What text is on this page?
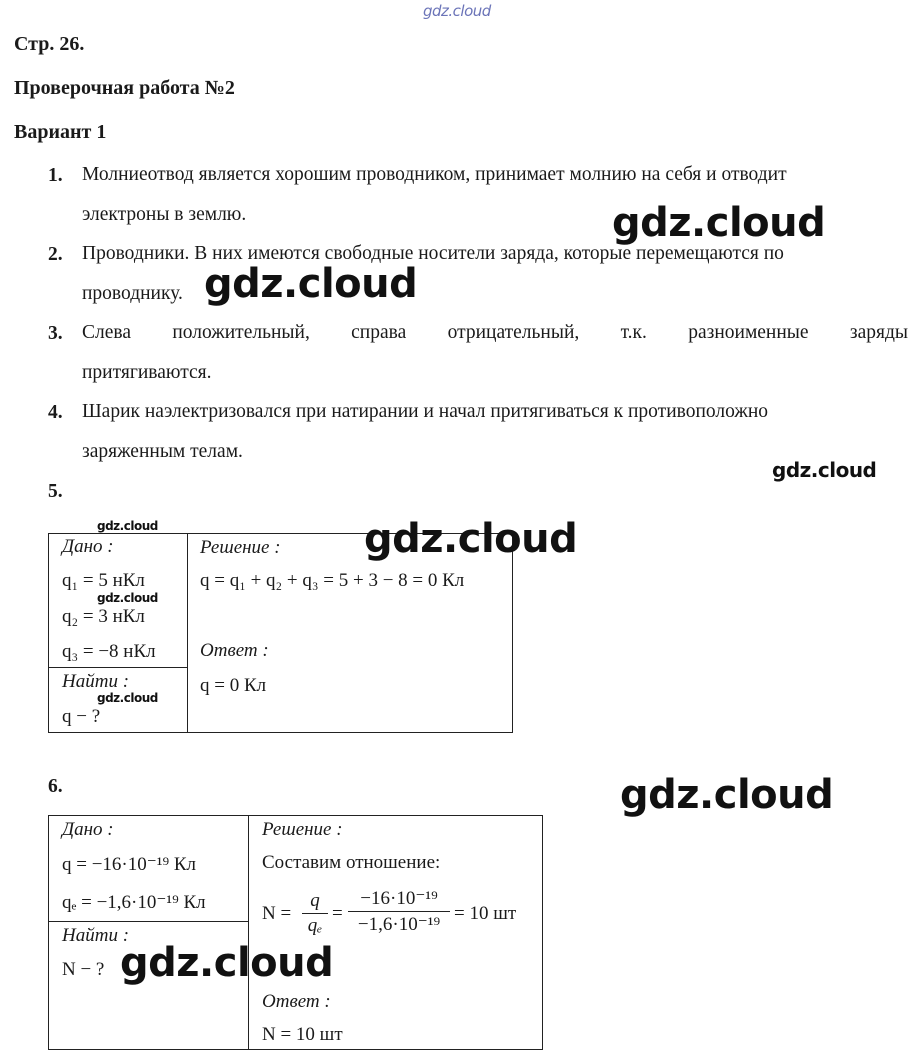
gdz.cloud
Стр. 26.
Проверочная работа №2
Вариант 1
1. Молниеотвод является хорошим проводником, принимает молнию на себя и отводит
электроны в землю.
2. Проводники. В них имеются свободные носители заряда, которые перемещаются по
проводнику.
3. Слева положительный, справа отрицательный, т.к. разноименные заряды
притягиваются.
4. Шарик наэлектризовался при натирании и начал притягиваться к противоположно
заряженным телам.
5.
Дано :
q₁ = 5 нКл
q₂ = 3 нКл
q₃ = −8 нКл
Найти :
q − ?
Решение :
q = q₁ + q₂ + q₃ = 5 + 3 − 8 = 0 Кл
Ответ :
q = 0 Кл
6.
Дано :
q = −16·10⁻¹⁹ Кл
qₑ = −1,6·10⁻¹⁹ Кл
Найти :
N − ?
Решение :
Составим отношение:
N =
q
qₑ
=
−16·10⁻¹⁹
−1,6·10⁻¹⁹
= 10 шт
Ответ :
N = 10 шт
gdz.cloud
gdz.cloud
gdz.cloud
gdz.cloud	gdz.cloud
gdz.cloud
gdz.cloud
gdz.cloud
gdz.cloud
